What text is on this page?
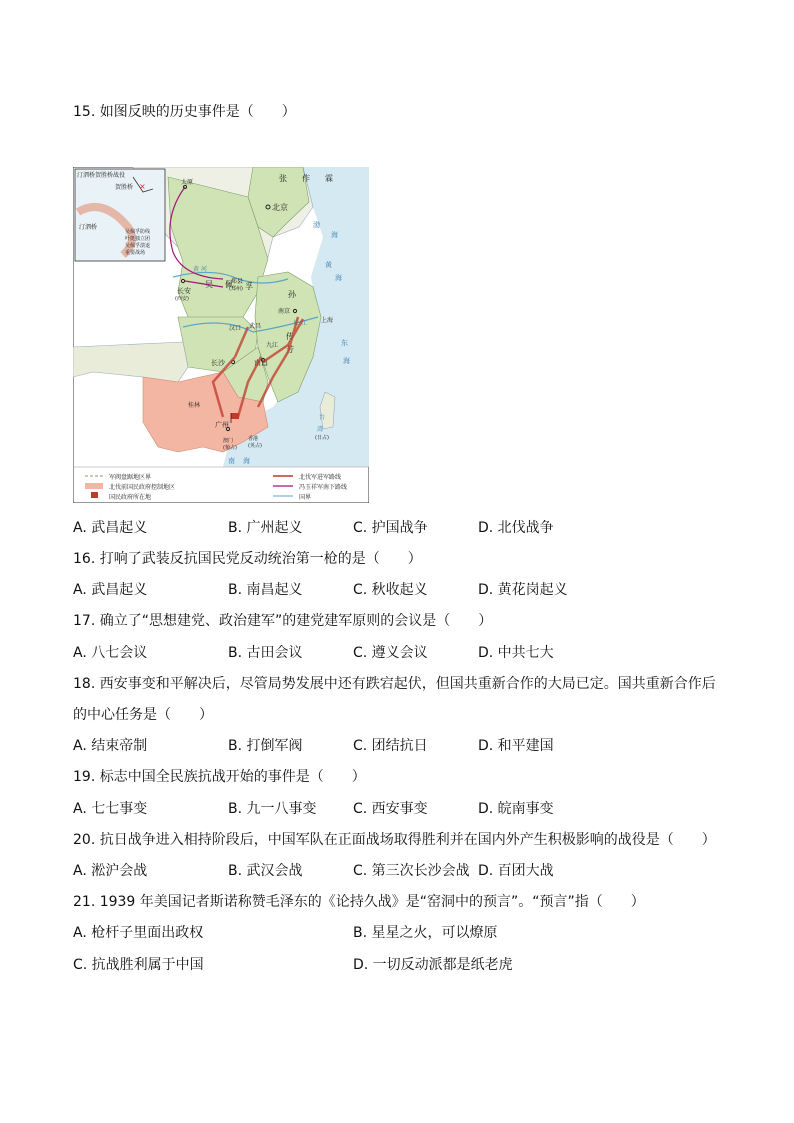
15. 如图反映的历史事件是（　　）
汀泗桥贺胜桥战役
贺胜桥
汀泗桥
吴佩孚防线
叶挺独立团
吴佩孚溃退
重要战场
×
张 作 霖
吴 佩 孚
孙
传
芳
北京
太原
郑县
(郑州)
长安
(西安)
汉口 武昌
九江
南京
上海
南昌
长沙
桂林
广州
澳门
(葡占)
香港
(英占)
渤
海
黄
海
东
海
台
湾
(日占)
南 海
黄 河
长 江
军阀盘踞地区界
北伐前国民政府控制地区
国民政府所在地
北伐军进军路线
冯玉祥军南下路线
国界
A. 武昌起义	B. 广州起义	C. 护国战争	D. 北伐战争
16. 打响了武装反抗国民党反动统治第一枪的是（　　）
A. 武昌起义	B. 南昌起义	C. 秋收起义	D. 黄花岗起义
17. 确立了“思想建党、政治建军”的建党建军原则的会议是（　　）
A. 八七会议	B. 古田会议	C. 遵义会议	D. 中共七大
18. 西安事变和平解决后，尽管局势发展中还有跌宕起伏，但国共重新合作的大局已定。国共重新合作后
的中心任务是（　　）
A. 结束帝制	B. 打倒军阀	C. 团结抗日	D. 和平建国
19. 标志中国全民族抗战开始的事件是（　　）
A. 七七事变	B. 九一八事变	C. 西安事变	D. 皖南事变
20. 抗日战争进入相持阶段后，中国军队在正面战场取得胜利并在国内外产生积极影响的战役是（　　）
A. 淞沪会战	B. 武汉会战	C. 第三次长沙会战 D. 百团大战
21. 1939 年美国记者斯诺称赞毛泽东的《论持久战》是“窑洞中的预言”。“预言”指（　　）
A. 枪杆子里面出政权	B. 星星之火，可以燎原
C. 抗战胜利属于中国	D. 一切反动派都是纸老虎
